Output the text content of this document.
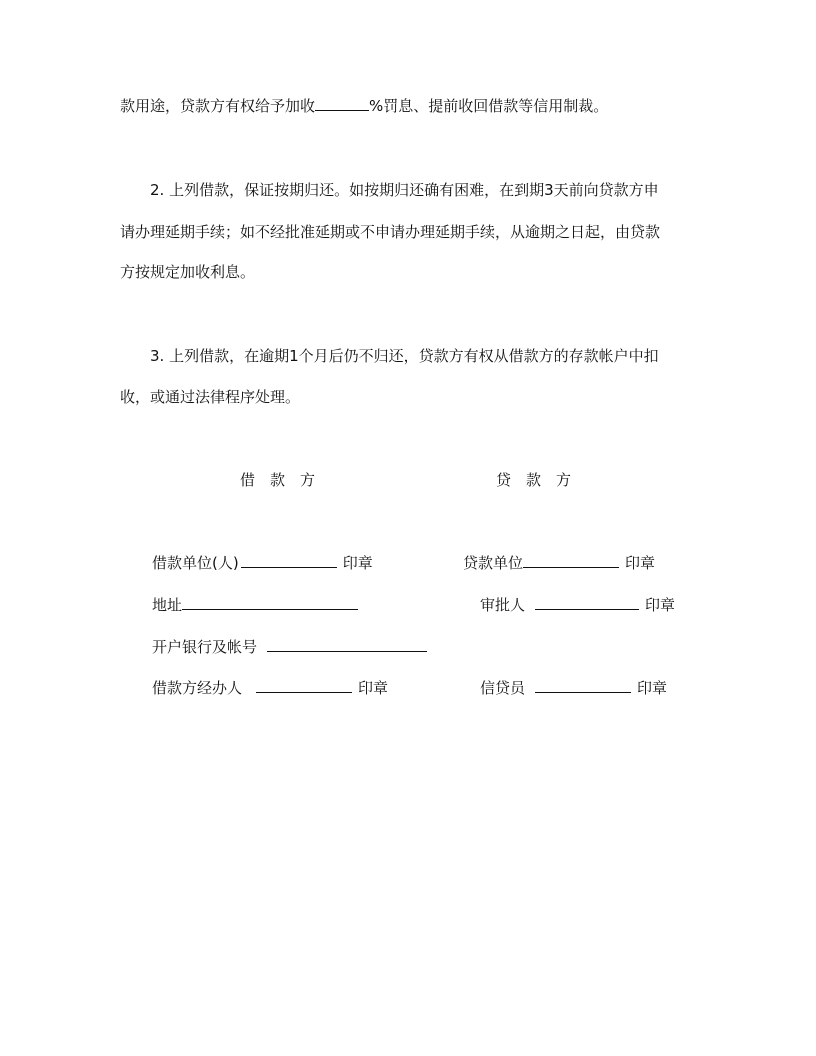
款用途，贷款方有权给予加收	%罚息、提前收回借款等信用制裁。
2. 上列借款，保证按期归还。如按期归还确有困难，在到期3天前向贷款方申
请办理延期手续；如不经批准延期或不申请办理延期手续，从逾期之日起，由贷款
方按规定加收利息。
3. 上列借款，在逾期1个月后仍不归还，贷款方有权从借款方的存款帐户中扣
收，或通过法律程序处理。
借　款　方	贷　款　方
借款单位(人)	印章	贷款单位	印章
地址	审批人	印章
开户银行及帐号
借款方经办人	印章	信贷员	印章
